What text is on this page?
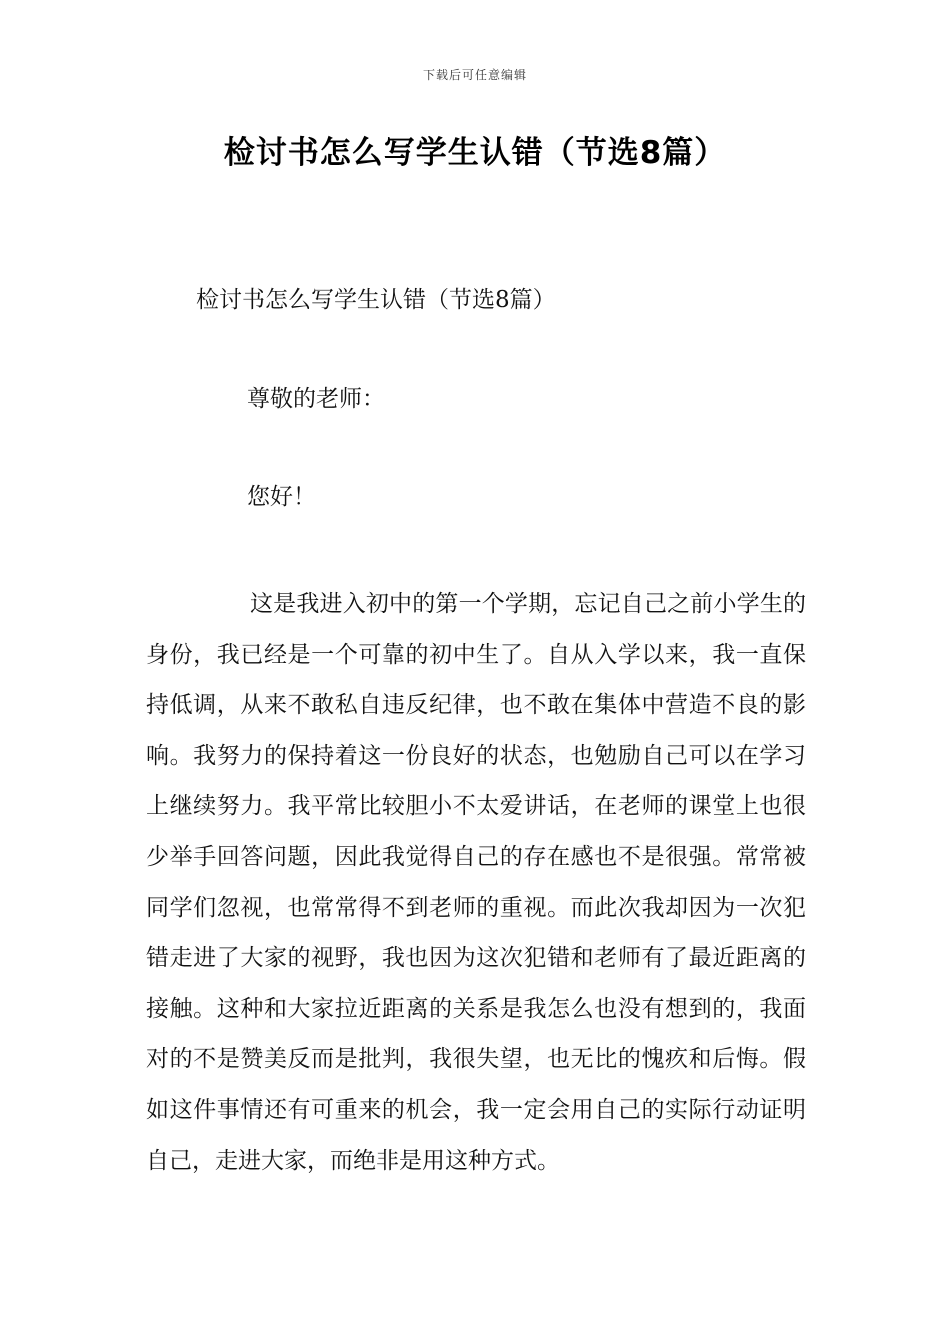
下载后可任意编辑
检讨书怎么写学生认错（节选8篇）

检讨书怎么写学生认错（节选8篇）

尊敬的老师：

您好！

这是我进入初中的第一个学期，忘记自己之前小学生的身份，我已经是一个可靠的初中生了。自从入学以来，我一直保持低调，从来不敢私自违反纪律，也不敢在集体中营造不良的影响。我努力的保持着这一份良好的状态，也勉励自己可以在学习上继续努力。我平常比较胆小不太爱讲话，在老师的课堂上也很少举手回答问题，因此我觉得自己的存在感也不是很强。常常被同学们忽视，也常常得不到老师的重视。而此次我却因为一次犯错走进了大家的视野，我也因为这次犯错和老师有了最近距离的接触。这种和大家拉近距离的关系是我怎么也没有想到的，我面对的不是赞美反而是批判，我很失望，也无比的愧疚和后悔。假如这件事情还有可重来的机会，我一定会用自己的实际行动证明自己，走进大家，而绝非是用这种方式。
